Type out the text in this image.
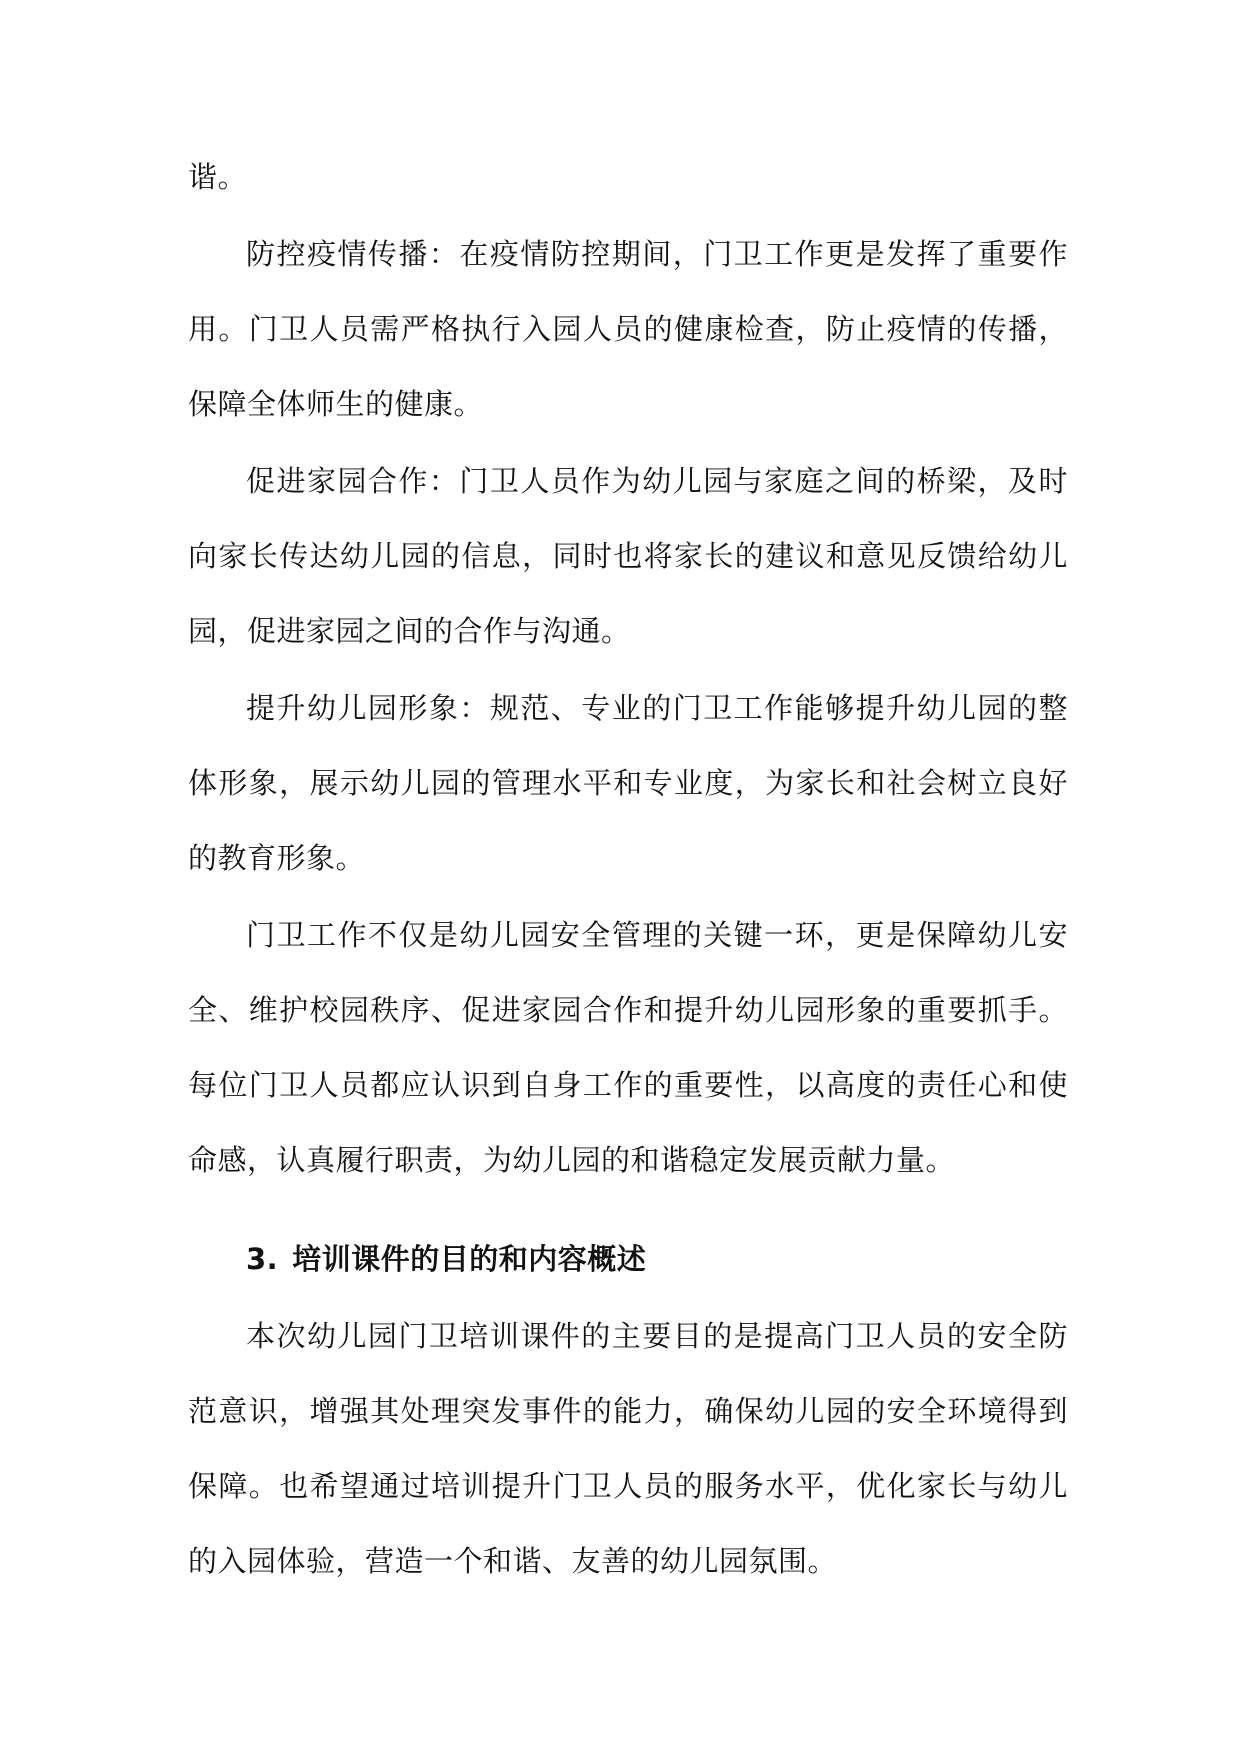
谐。

防控疫情传播：在疫情防控期间，门卫工作更是发挥了重要作用。门卫人员需严格执行入园人员的健康检查，防止疫情的传播，保障全体师生的健康。

促进家园合作：门卫人员作为幼儿园与家庭之间的桥梁，及时向家长传达幼儿园的信息，同时也将家长的建议和意见反馈给幼儿园，促进家园之间的合作与沟通。

提升幼儿园形象：规范、专业的门卫工作能够提升幼儿园的整体形象，展示幼儿园的管理水平和专业度，为家长和社会树立良好的教育形象。

门卫工作不仅是幼儿园安全管理的关键一环，更是保障幼儿安全、维护校园秩序、促进家园合作和提升幼儿园形象的重要抓手。每位门卫人员都应认识到自身工作的重要性，以高度的责任心和使命感，认真履行职责，为幼儿园的和谐稳定发展贡献力量。

3. 培训课件的目的和内容概述

本次幼儿园门卫培训课件的主要目的是提高门卫人员的安全防范意识，增强其处理突发事件的能力，确保幼儿园的安全环境得到保障。也希望通过培训提升门卫人员的服务水平，优化家长与幼儿的入园体验，营造一个和谐、友善的幼儿园氛围。
